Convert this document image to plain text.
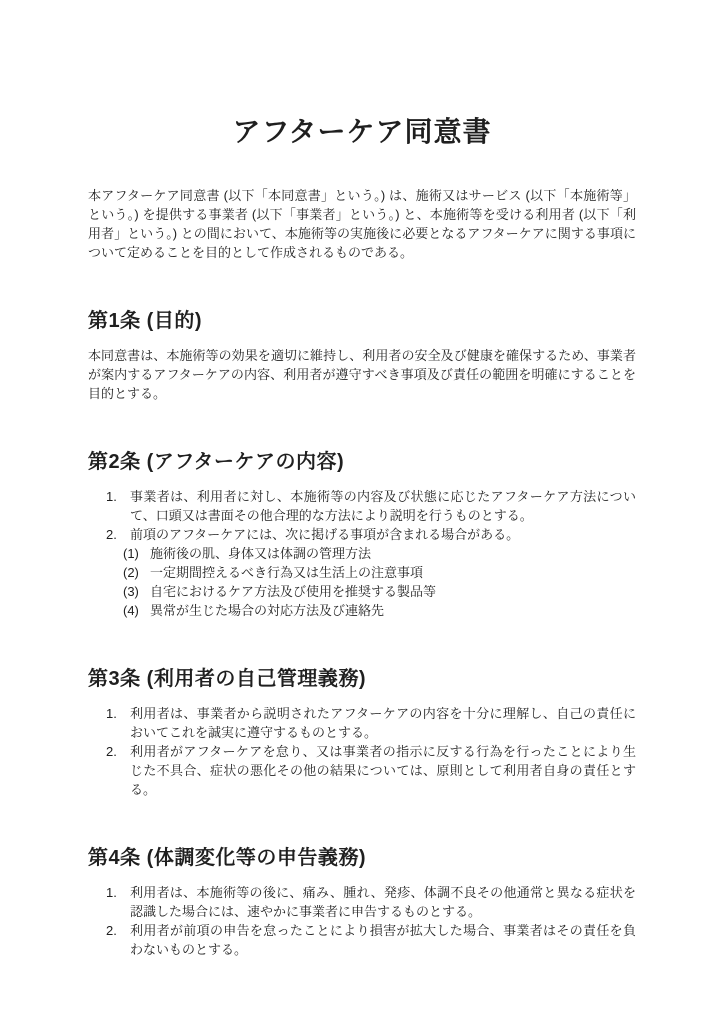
アフターケア同意書

本アフターケア同意書 (以下「本同意書」という。) は、施術又はサービス (以下「本施術等」という。) を提供する事業者 (以下「事業者」という。) と、本施術等を受ける利用者 (以下「利用者」という。) との間において、本施術等の実施後に必要となるアフターケアに関する事項について定めることを目的として作成されるものである。

第1条 (目的)

本同意書は、本施術等の効果を適切に維持し、利用者の安全及び健康を確保するため、事業者が案内するアフターケアの内容、利用者が遵守すべき事項及び責任の範囲を明確にすることを目的とする。

第2条 (アフターケアの内容)
1.	事業者は、利用者に対し、本施術等の内容及び状態に応じたアフターケア方法について、口頭又は書面その他合理的な方法により説明を行うものとする。
2.	前項のアフターケアには、次に掲げる事項が含まれる場合がある。
(1) 施術後の肌、身体又は体調の管理方法
(2) 一定期間控えるべき行為又は生活上の注意事項
(3) 自宅におけるケア方法及び使用を推奨する製品等
(4) 異常が生じた場合の対応方法及び連絡先
第3条 (利用者の自己管理義務)
1.	利用者は、事業者から説明されたアフターケアの内容を十分に理解し、自己の責任においてこれを誠実に遵守するものとする。
2.	利用者がアフターケアを怠り、又は事業者の指示に反する行為を行ったことにより生じた不具合、症状の悪化その他の結果については、原則として利用者自身の責任とする。
第4条 (体調変化等の申告義務)
1.	利用者は、本施術等の後に、痛み、腫れ、発疹、体調不良その他通常と異なる症状を認識した場合には、速やかに事業者に申告するものとする。
2.	利用者が前項の申告を怠ったことにより損害が拡大した場合、事業者はその責任を負わないものとする。
